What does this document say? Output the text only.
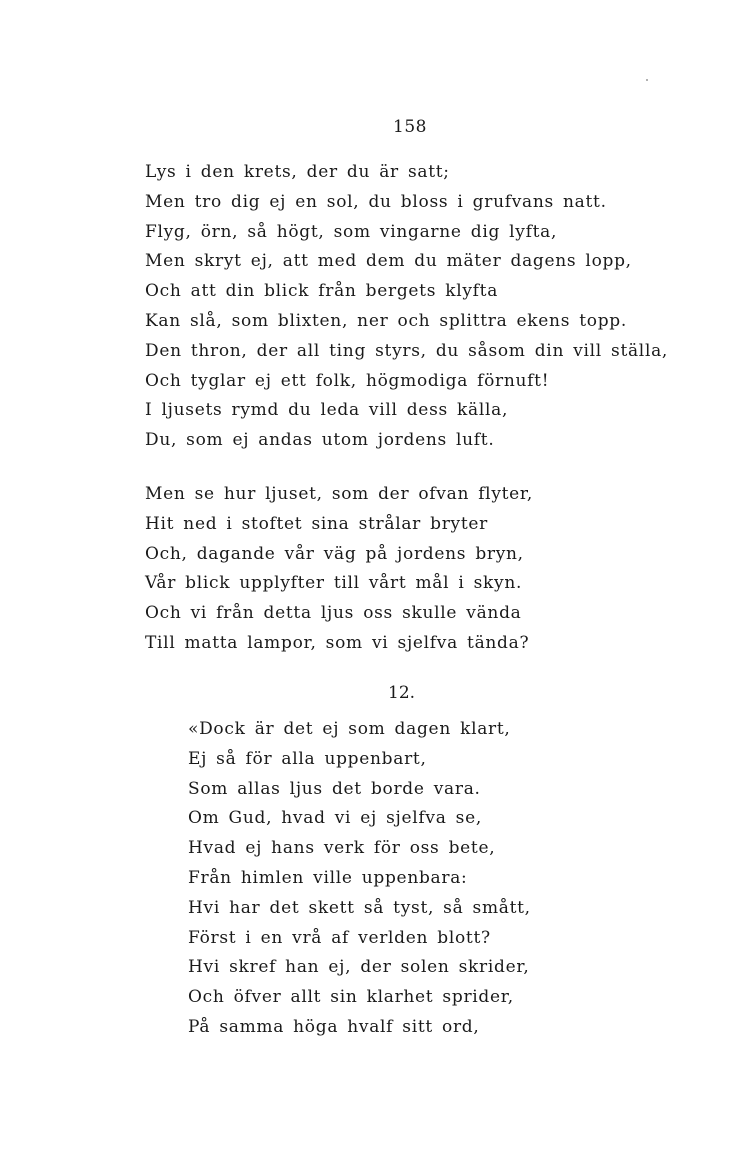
158
Lys i den krets, der du är satt;
Men tro dig ej en sol, du bloss i grufvans natt.
Flyg, örn, så högt, som vingarne dig lyfta,
Men skryt ej, att med dem du mäter dagens lopp,
Och att din blick från bergets klyfta
Kan slå, som blixten, ner och splittra ekens topp.
Den thron, der all ting styrs, du såsom din vill ställa,
Och tyglar ej ett folk, högmodiga förnuft!
I ljusets rymd du leda vill dess källa,
Du, som ej andas utom jordens luft.
Men se hur ljuset, som der ofvan flyter,
Hit ned i stoftet sina strålar bryter
Och, dagande vår väg på jordens bryn,
Vår blick upplyfter till vårt mål i skyn.
Och vi från detta ljus oss skulle vända
Till matta lampor, som vi sjelfva tända?
12.
«Dock är det ej som dagen klart,
Ej så för alla uppenbart,
Som allas ljus det borde vara.
Om Gud, hvad vi ej sjelfva se,
Hvad ej hans verk för oss bete,
Från himlen ville uppenbara:
Hvi har det skett så tyst, så smått,
Först i en vrå af verlden blott?
Hvi skref han ej, der solen skrider,
Och öfver allt sin klarhet sprider,
På samma höga hvalf sitt ord,
